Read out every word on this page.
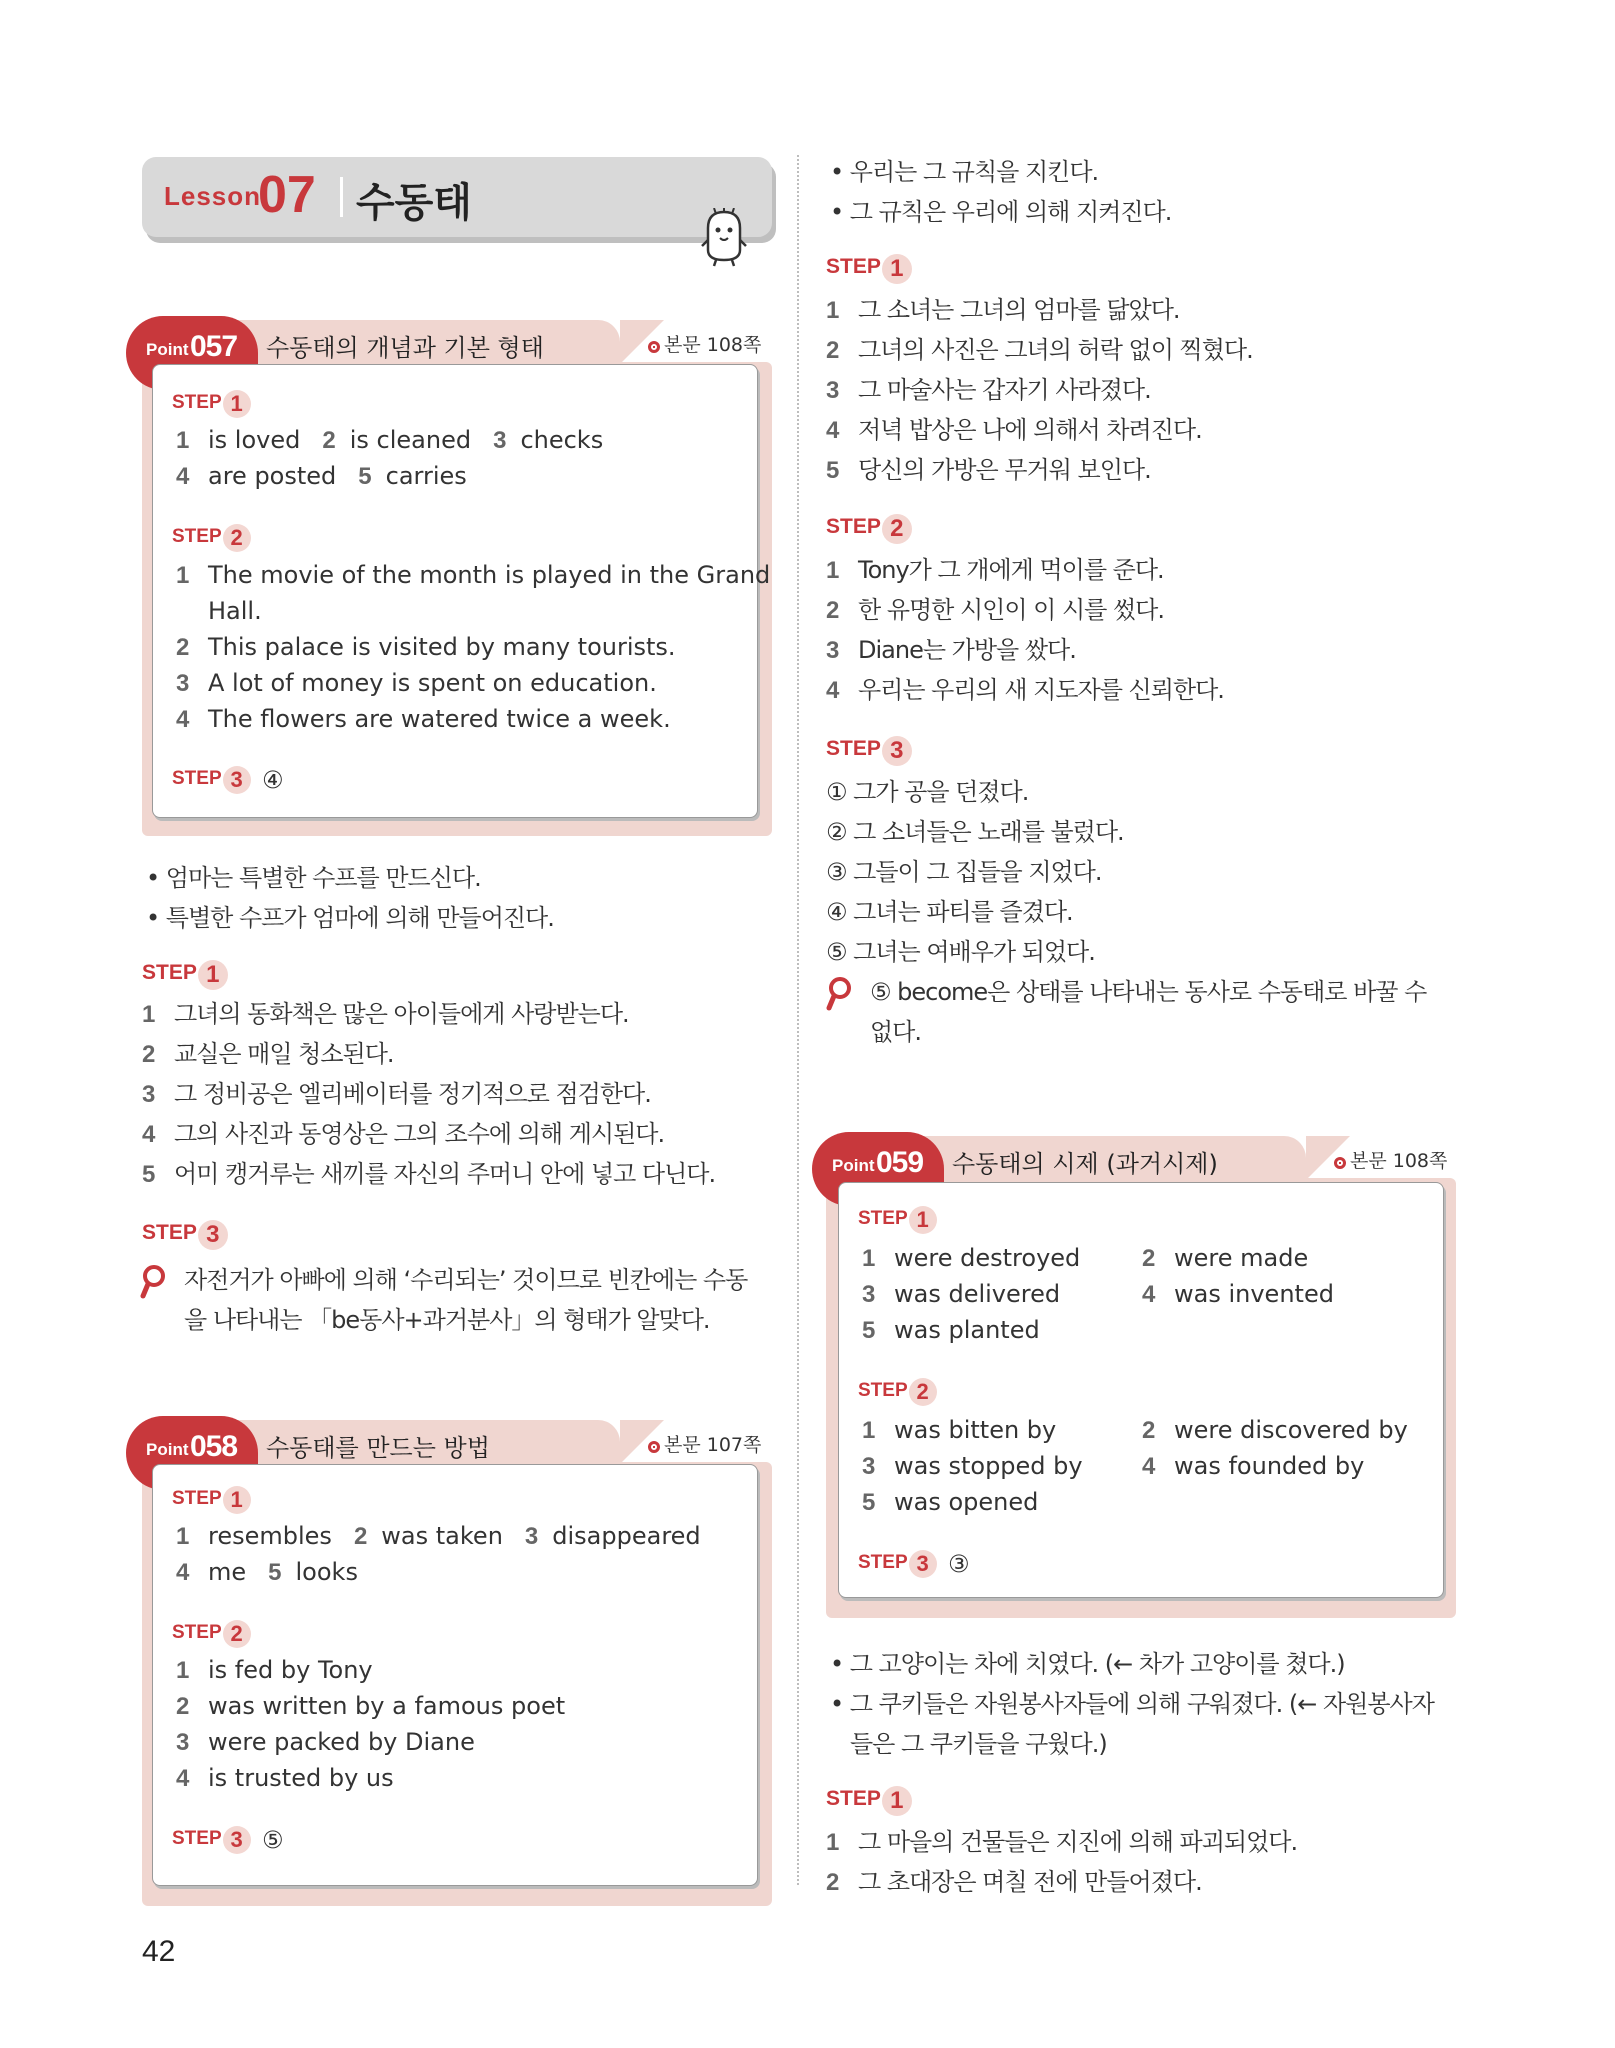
Lesson
07 수동태
Point 057 수동태의 개념과 기본 형태	본문 108쪽
STEP 1
1 is loved 2 is cleaned 3 checks
4 are posted 5 carries
STEP 2
1 The movie of the month is played in the Grand
Hall.
2 This palace is visited by many tourists.
3 A lot of money is spent on education.
4 The flowers are watered twice a week.
STEP 3 ④
• 엄마는 특별한 수프를 만드신다.
• 특별한 수프가 엄마에 의해 만들어진다.
STEP 1
1 그녀의 동화책은 많은 아이들에게 사랑받는다.
2 교실은 매일 청소된다.
3 그 정비공은 엘리베이터를 정기적으로 점검한다.
4 그의 사진과 동영상은 그의 조수에 의해 게시된다.
5 어미 캥거루는 새끼를 자신의 주머니 안에 넣고 다닌다.
STEP 3
자전거가 아빠에 의해 ‘수리되는’ 것이므로 빈칸에는 수동
을 나타내는 「be동사+과거분사」의 형태가 알맞다.
Point 058 수동태를 만드는 방법	본문 107쪽
STEP 1
1 resembles 2 was taken 3 disappeared
4 me 5 looks
STEP 2
1 is fed by Tony
2 was written by a famous poet
3 were packed by Diane
4 is trusted by us
STEP 3 ⑤
• 우리는 그 규칙을 지킨다.
• 그 규칙은 우리에 의해 지켜진다.
STEP 1
1 그 소녀는 그녀의 엄마를 닮았다.
2 그녀의 사진은 그녀의 허락 없이 찍혔다.
3 그 마술사는 갑자기 사라졌다.
4 저녁 밥상은 나에 의해서 차려진다.
5 당신의 가방은 무거워 보인다.
STEP 2
1 Tony가 그 개에게 먹이를 준다.
2 한 유명한 시인이 이 시를 썼다.
3 Diane는 가방을 쌌다.
4 우리는 우리의 새 지도자를 신뢰한다.
STEP 3
① 그가 공을 던졌다.
② 그 소녀들은 노래를 불렀다.
③ 그들이 그 집들을 지었다.
④ 그녀는 파티를 즐겼다.
⑤ 그녀는 여배우가 되었다.
⑤ become은 상태를 나타내는 동사로 수동태로 바꿀 수
없다.
Point 059 수동태의 시제 (과거시제)	본문 108쪽
STEP 1
1 were destroyed	2 were made
3 was delivered	4 was invented
5 was planted
STEP 2
1 was bitten by	2 were discovered by
3 was stopped by 4 was founded by
5 was opened
STEP 3 ③
• 그 고양이는 차에 치였다. (← 차가 고양이를 쳤다.)
• 그 쿠키들은 자원봉사자들에 의해 구워졌다. (← 자원봉사자
들은 그 쿠키들을 구웠다.)
STEP 1
1 그 마을의 건물들은 지진에 의해 파괴되었다.
2 그 초대장은 며칠 전에 만들어졌다.
42
